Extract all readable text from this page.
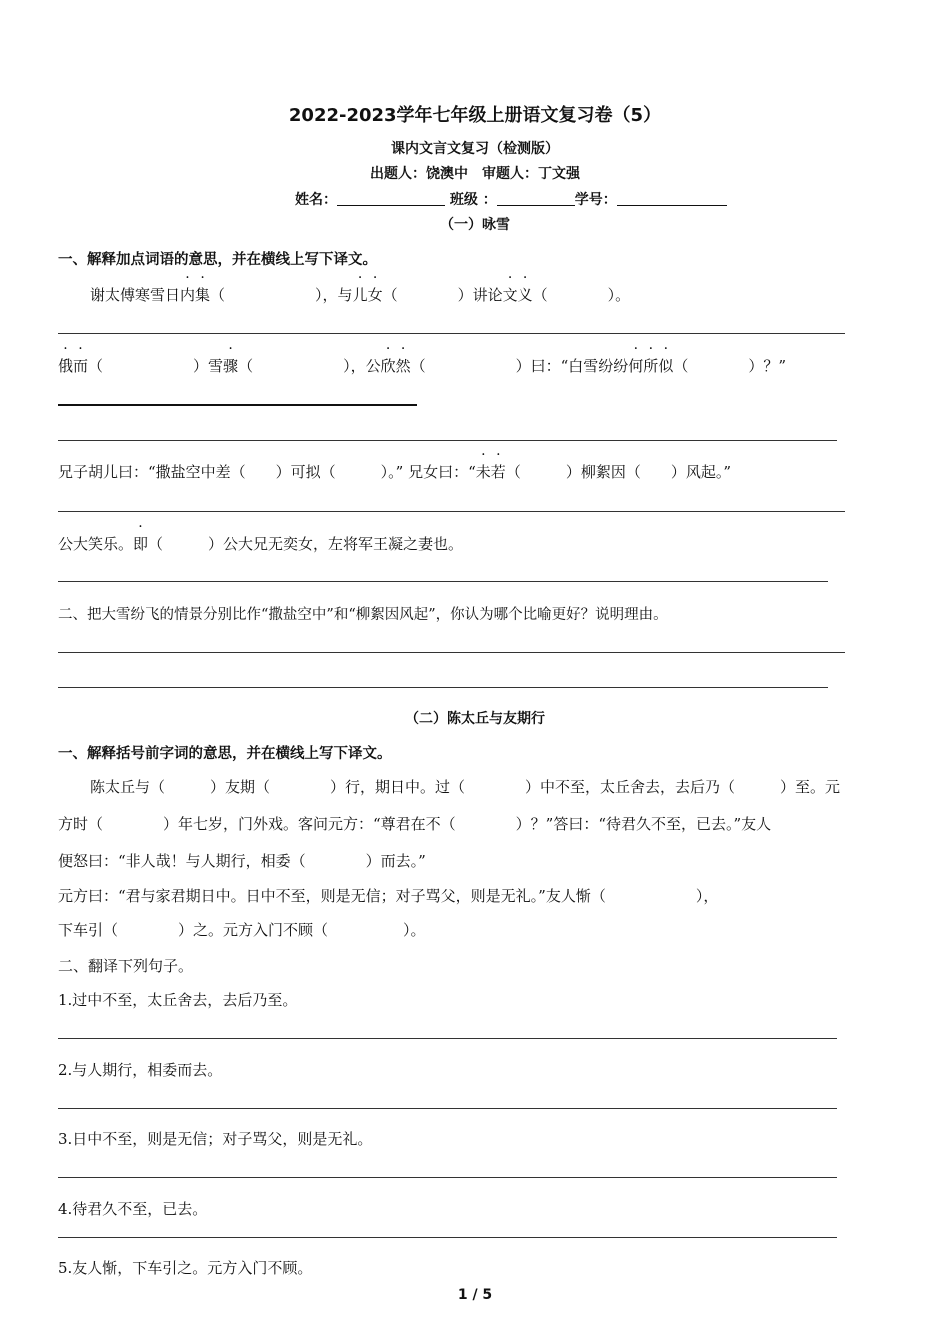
2022-2023学年七年级上册语文复习卷（5）
课内文言文复习（检测版）
出题人：饶澳中　审题人：丁文强
姓名：	班级 ：	学号：
（一）咏雪
一、解释加点词语的意思，并在横线上写下译文。
谢太傅寒雪日内集（　　　　　　），与儿女（　　　　）讲论文义（　　　　）。
俄而（　　　　　　）雪骤（　　　　　　），公欣然（　　　　　　）曰：“白雪纷纷何所似（　　　　）？”
兄子胡儿曰：“撒盐空中差（　　）可拟（　　　）。” 兄女曰：“未若（　　　）柳絮因（　　）风起。”
公大笑乐。即（　　　）公大兄无奕女，左将军王凝之妻也。
二、把大雪纷飞的情景分别比作“撒盐空中”和“柳絮因风起”，你认为哪个比喻更好？说明理由。
（二）陈太丘与友期行
一、解释括号前字词的意思，并在横线上写下译文。
陈太丘与（　　　）友期（　　　　）行，期日中。过（　　　　）中不至，太丘舍去，去后乃（　　　）至。元
方时（　　　　）年七岁，门外戏。客问元方：“尊君在不（　　　　）？”答曰：“待君久不至，已去。”友人
便怒曰：“非人哉！与人期行，相委（　　　　）而去。”
元方曰：“君与家君期日中。日中不至，则是无信；对子骂父，则是无礼。”友人惭（　　　　　　），
下车引（　　　　）之。元方入门不顾（　　　　　）。
二、翻译下列句子。
1.过中不至，太丘舍去，去后乃至。
2.与人期行，相委而去。
3.日中不至，则是无信；对子骂父，则是无礼。
4.待君久不至，已去。
5.友人惭，下车引之。元方入门不顾。
1 / 5
